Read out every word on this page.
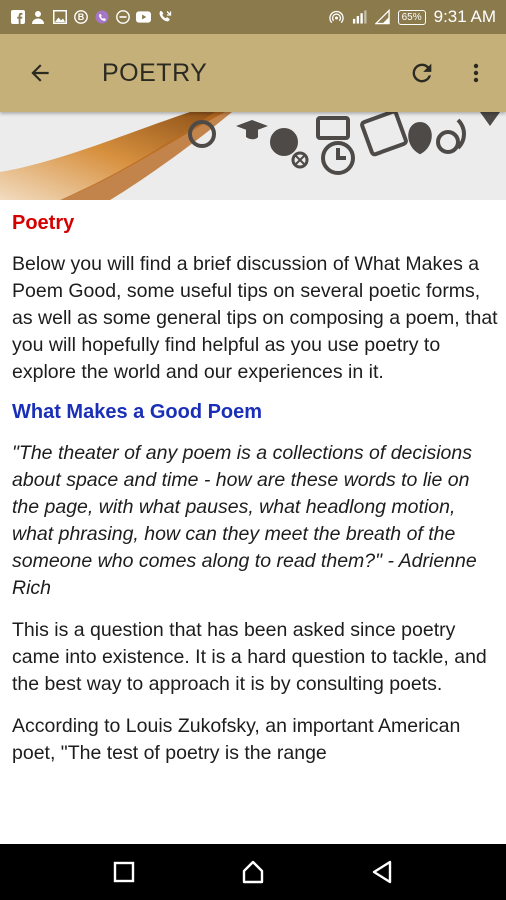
B	65% 9:31 AM
POETRY
Poetry

Below you will find a brief discussion of What Makes a Poem Good, some useful tips on several poetic forms, as well as some general tips on composing a poem, that you will hopefully find helpful as you use poetry to explore the world and our experiences in it.

What Makes a Good Poem

"The theater of any poem is a collections of decisions about space and time - how are these words to lie on the page, with what pauses, what headlong motion, what phrasing, how can they meet the breath of the someone who comes along to read them?" - Adrienne Rich

This is a question that has been asked since poetry came into existence. It is a hard question to tackle, and the best way to approach it is by consulting poets.

According to Louis Zukofsky, an important American poet, "The test of poetry is the range
